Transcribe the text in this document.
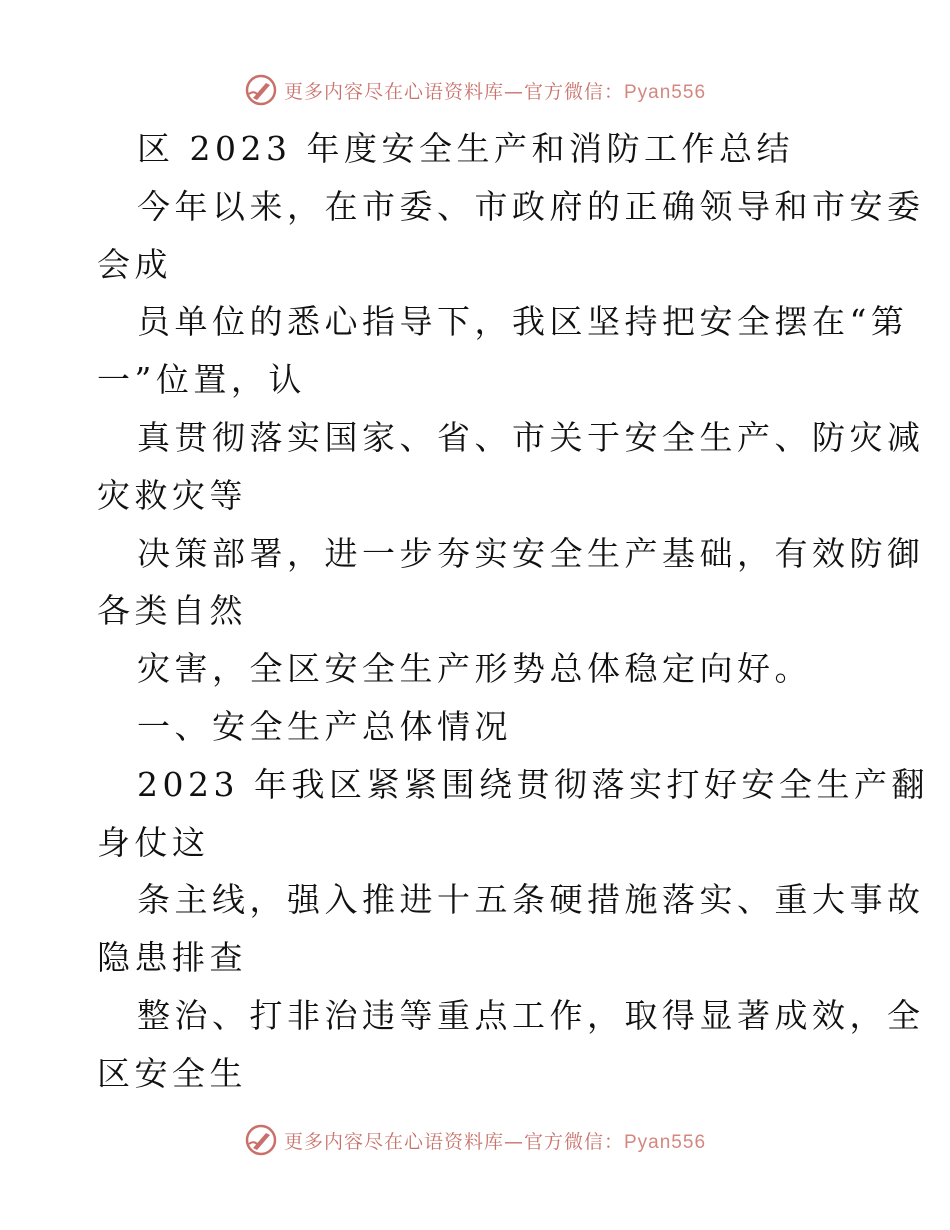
更多内容尽在心语资料库—官方微信：Pyan556
区 2023 年度安全生产和消防工作总结
今年以来，在市委、市政府的正确领导和市安委
会成
员单位的悉心指导下，我区坚持把安全摆在“第
一”位置，认
真贯彻落实国家、省、市关于安全生产、防灾减
灾救灾等
决策部署，进一步夯实安全生产基础，有效防御
各类自然
灾害，全区安全生产形势总体稳定向好。
一、安全生产总体情况
2023 年我区紧紧围绕贯彻落实打好安全生产翻
身仗这
条主线，强入推进十五条硬措施落实、重大事故
隐患排查
整治、打非治违等重点工作，取得显著成效，全
区安全生
更多内容尽在心语资料库—官方微信：Pyan556
